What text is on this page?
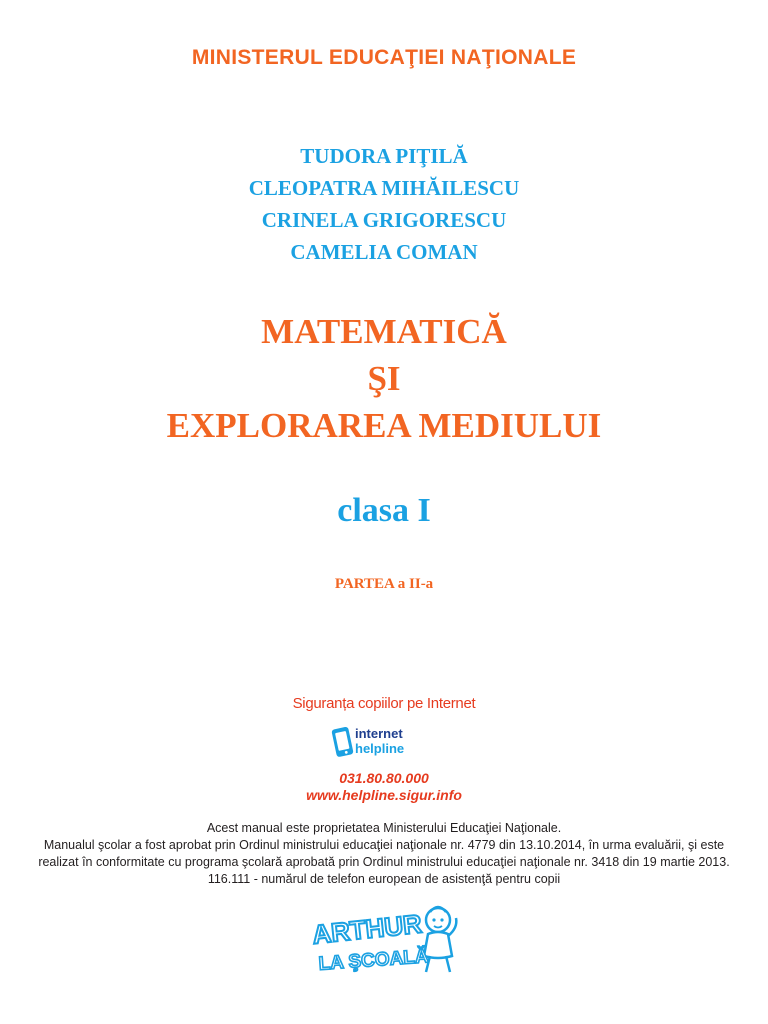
MINISTERUL EDUCAŢIEI NAŢIONALE
TUDORA PIŢILĂ
CLEOPATRA MIHĂILESCU
CRINELA GRIGORESCU
CAMELIA COMAN
MATEMATICĂ
ŞI
EXPLORAREA MEDIULUI
clasa I
PARTEA a II-a
Siguranța copiilor pe Internet
internet
helpline
031.80.80.000
www.helpline.sigur.info
Acest manual este proprietatea Ministerului Educaţiei Naţionale.
Manualul şcolar a fost aprobat prin Ordinul ministrului educaţiei naţionale nr. 4779 din 13.10.2014, în urma evaluării, şi este
realizat în conformitate cu programa şcolară aprobată prin Ordinul ministrului educaţiei naţionale nr. 3418 din 19 martie 2013.
116.111 - numărul de telefon european de asistenţă pentru copii
ARTHUR
LA ŞCOALĂ
